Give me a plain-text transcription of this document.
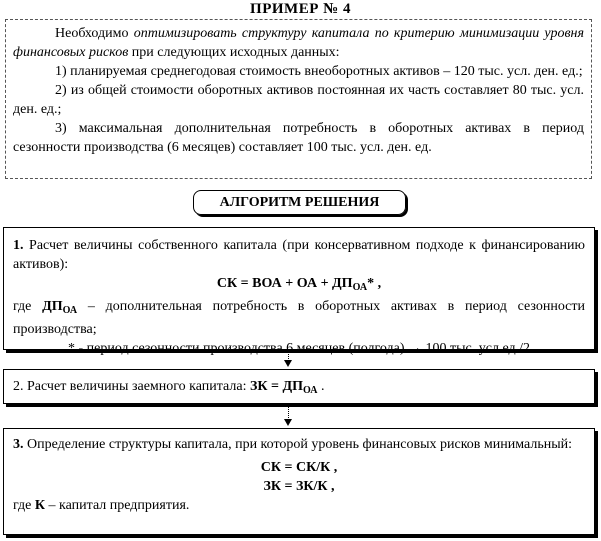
ПРИМЕР № 4

Необходимо оптимизировать структуру капитала по критерию минимизации уровня финансовых рисков при следующих исходных данных:

1) планируемая среднегодовая стоимость внеоборотных активов – 120 тыс. усл. ден. ед.;

2) из общей стоимости оборотных активов постоянная их часть составляет 80 тыс. усл. ден. ед.;

3) максимальная дополнительная потребность в оборотных активах в период сезонности производства (6 месяцев) составляет 100 тыс. усл. ден. ед.

АЛГОРИТМ РЕШЕНИЯ

1. Расчет величины собственного капитала (при консервативном подходе к финансированию активов):

СК = ВОА + ОА + $ДП_{ОА}*$ ,

где $ДП_{ОА}$ – дополнительная потребность в оборотных активах в период сезонности производства;

* - период сезонности производства 6 месяцев (полгода) → 100 тыс. усл.ед./2

2. Расчет величины заемного капитала: ЗК = $ДП_{ОА}$ .

3. Определение структуры капитала, при которой уровень финансовых рисков минимальный:

СК = СК/К ,

ЗК = ЗК/К ,

где К – капитал предприятия.
